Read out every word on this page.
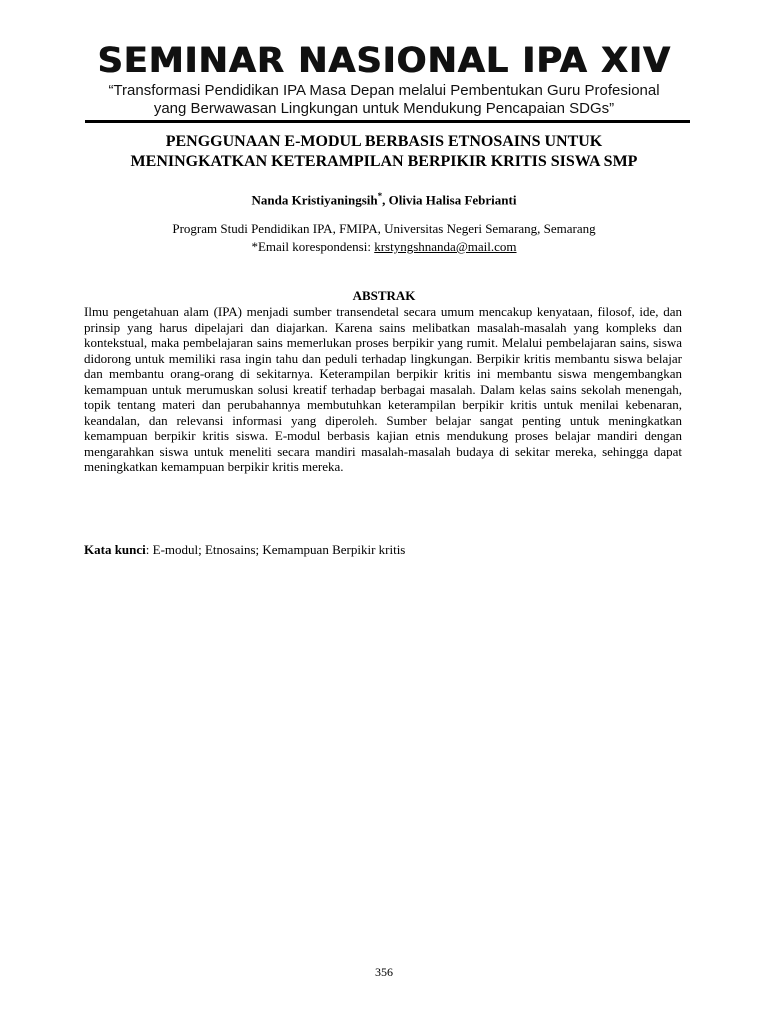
SEMINAR NASIONAL IPA XIV
“Transformasi Pendidikan IPA Masa Depan melalui Pembentukan Guru Profesional
yang Berwawasan Lingkungan untuk Mendukung Pencapaian SDGs”
PENGGUNAAN E-MODUL BERBASIS ETNOSAINS UNTUK
MENINGKATKAN KETERAMPILAN BERPIKIR KRITIS SISWA SMP
Nanda Kristiyaningsih*, Olivia Halisa Febrianti
Program Studi Pendidikan IPA, FMIPA, Universitas Negeri Semarang, Semarang
*Email korespondensi: krstyngshnanda@mail.com
ABSTRAK
Ilmu pengetahuan alam (IPA) menjadi sumber transendetal secara umum mencakup kenyataan, filosof, ide, dan prinsip yang harus dipelajari dan diajarkan. Karena sains melibatkan masalah-masalah yang kompleks dan kontekstual, maka pembelajaran sains memerlukan proses berpikir yang rumit. Melalui pembelajaran sains, siswa didorong untuk memiliki rasa ingin tahu dan peduli terhadap lingkungan. Berpikir kritis membantu siswa belajar dan membantu orang-orang di sekitarnya. Keterampilan berpikir kritis ini membantu siswa mengembangkan kemampuan untuk merumuskan solusi kreatif terhadap berbagai masalah. Dalam kelas sains sekolah menengah, topik tentang materi dan perubahannya membutuhkan keterampilan berpikir kritis untuk menilai kebenaran, keandalan, dan relevansi informasi yang diperoleh. Sumber belajar sangat penting untuk meningkatkan kemampuan berpikir kritis siswa. E-modul berbasis kajian etnis mendukung proses belajar mandiri dengan mengarahkan siswa untuk meneliti secara mandiri masalah-masalah budaya di sekitar mereka, sehingga dapat meningkatkan kemampuan berpikir kritis mereka.
Kata kunci: E-modul; Etnosains; Kemampuan Berpikir kritis
356
